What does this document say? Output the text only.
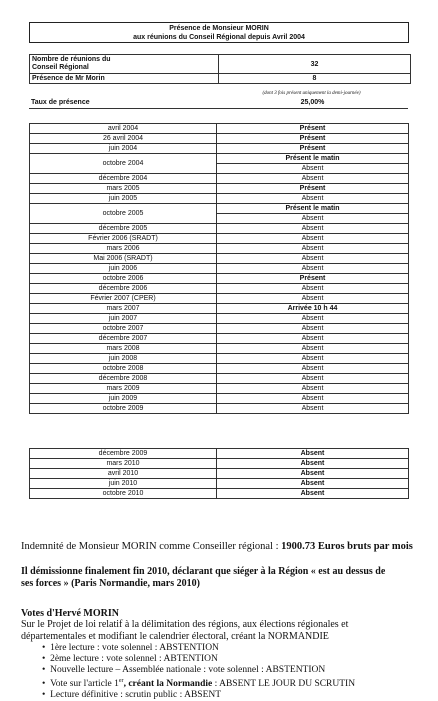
Présence de Monsieur MORIN
aux réunions du Conseil Régional depuis Avril 2004
Nombre de réunions du
Conseil Régional	32
Présence de Mr Morin	8
(dont 3 fois présent uniquement la demi-journée)
Taux de présence	25,00%
avril 2004	Présent
26 avril 2004	Présent
juin 2004	Présent
octobre 2004	Présent le matin
	Absent
décembre 2004	Absent
mars 2005	Présent
juin 2005	Absent
octobre 2005	Présent le matin
	Absent
décembre 2005	Absent
Février 2006 (SRADT)	Absent
mars 2006	Absent
Mai 2006 (SRADT)	Absent
juin 2006	Absent
octobre 2006	Présent
décembre 2006	Absent
Février 2007 (CPER)	Absent
mars 2007	Arrivée 10 h 44
juin 2007	Absent
octobre 2007	Absent
décembre 2007	Absent
mars 2008	Absent
juin 2008	Absent
octobre 2008	Absent
décembre 2008	Absent
mars 2009	Absent
juin 2009	Absent
octobre 2009	Absent
décembre 2009	Absent
mars 2010	Absent
avril 2010	Absent
juin 2010	Absent
octobre 2010	Absent
Indemnité de Monsieur MORIN comme Conseiller régional : 1900.73 Euros bruts par mois
Il démissionne finalement fin 2010, déclarant que siéger à la Région « est au dessus de
ses forces » (Paris Normandie, mars 2010)
Votes d'Hervé MORIN
Sur le Projet de loi relatif à la délimitation des régions, aux élections régionales et
départementales et modifiant le calendrier électoral, créant la NORMANDIE
•  1ère lecture : vote solennel : ABSTENTION
•  2ème lecture : vote solennel : ABTENTION
•  Nouvelle lecture – Assemblée nationale : vote solennel : ABSTENTION
•  Vote sur l'article 1er, créant la Normandie : ABSENT LE JOUR DU SCRUTIN
•  Lecture définitive : scrutin public : ABSENT
